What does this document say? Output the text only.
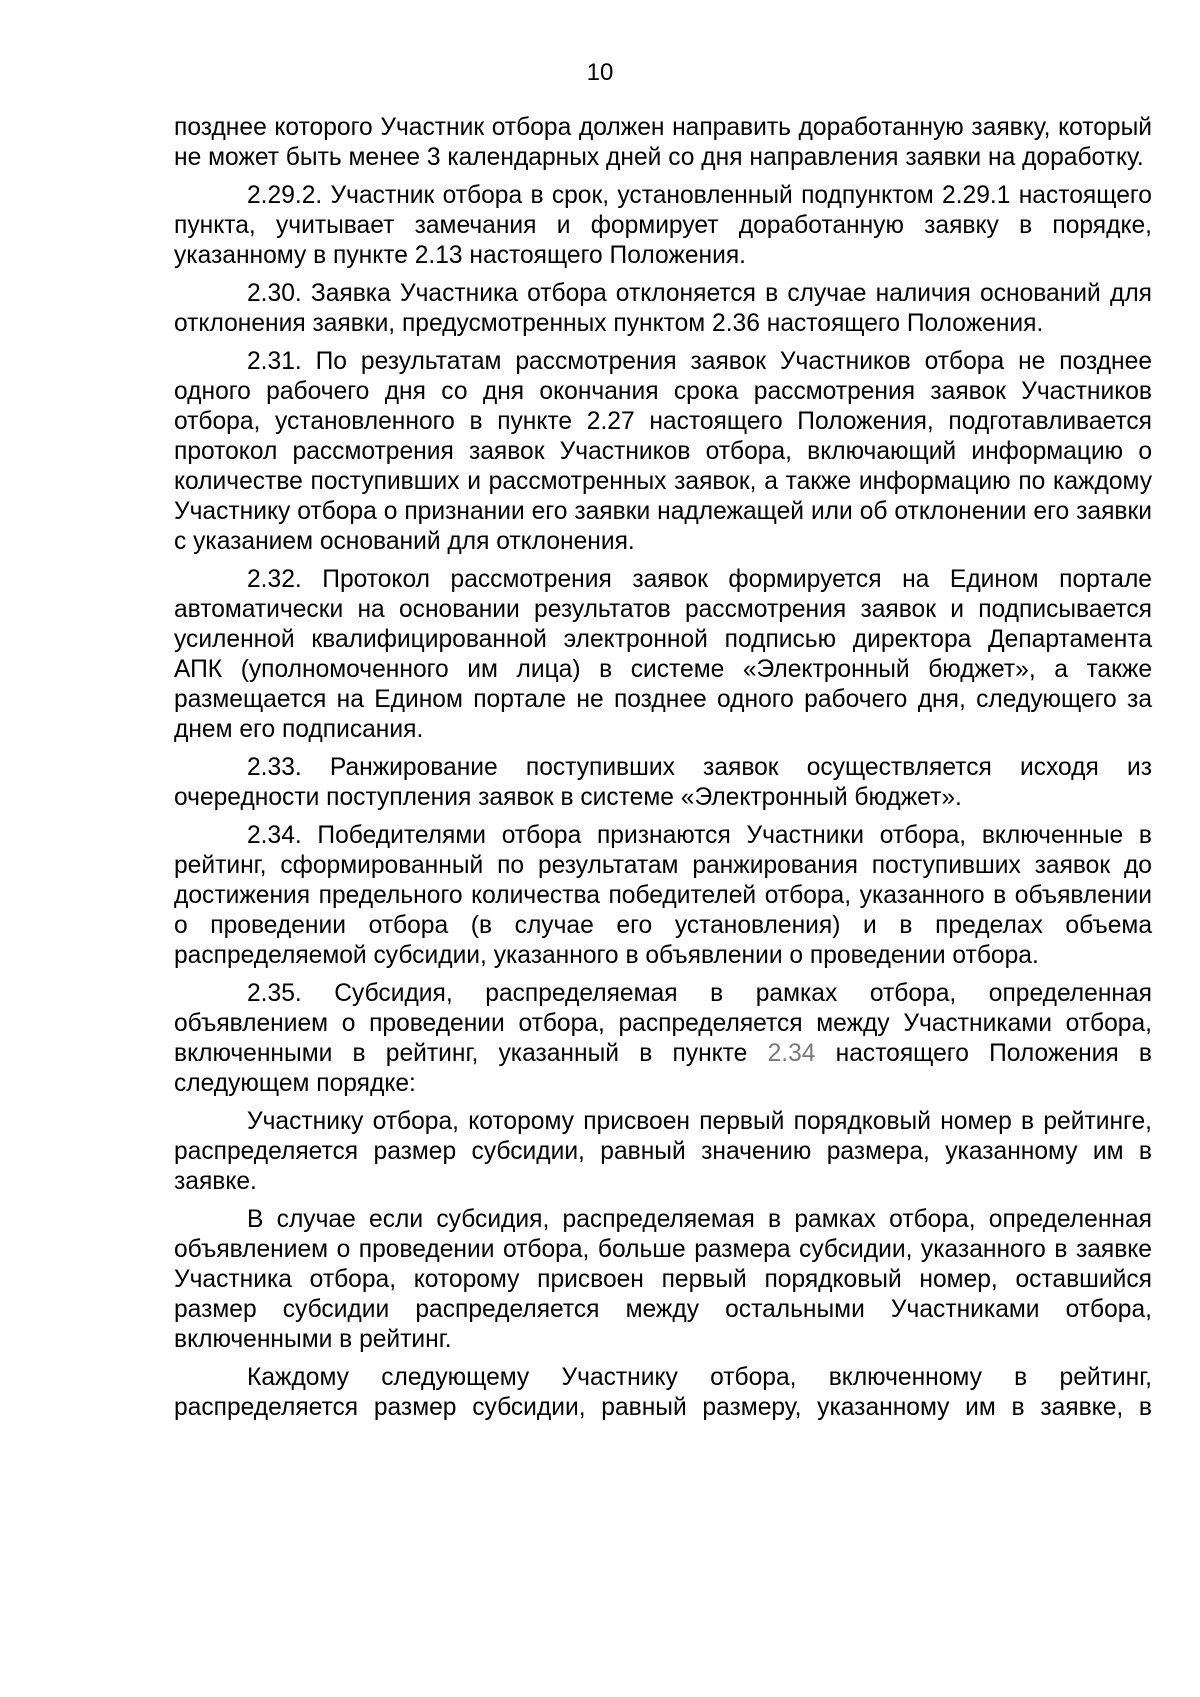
10

позднее которого Участник отбора должен направить доработанную заявку, который не может быть менее 3 календарных дней со дня направления заявки на доработку.

2.29.2. Участник отбора в срок, установленный подпунктом 2.29.1 настоящего пункта, учитывает замечания и формирует доработанную заявку в порядке, указанному в пункте 2.13 настоящего Положения.

2.30. Заявка Участника отбора отклоняется в случае наличия оснований для отклонения заявки, предусмотренных пунктом 2.36 настоящего Положения.

2.31. По результатам рассмотрения заявок Участников отбора не позднее одного рабочего дня со дня окончания срока рассмотрения заявок Участников отбора, установленного в пункте 2.27 настоящего Положения, подготавливается протокол рассмотрения заявок Участников отбора, включающий информацию о количестве поступивших и рассмотренных заявок, а также информацию по каждому Участнику отбора о признании его заявки надлежащей или об отклонении его заявки с указанием оснований для отклонения.

2.32. Протокол рассмотрения заявок формируется на Едином портале автоматически на основании результатов рассмотрения заявок и подписывается усиленной квалифицированной электронной подписью директора Департамента АПК (уполномоченного им лица) в системе «Электронный бюджет», а также размещается на Едином портале не позднее одного рабочего дня, следующего за днем его подписания.

2.33. Ранжирование поступивших заявок осуществляется исходя из очередности поступления заявок в системе «Электронный бюджет».

2.34. Победителями отбора признаются Участники отбора, включенные в рейтинг, сформированный по результатам ранжирования поступивших заявок до достижения предельного количества победителей отбора, указанного в объявлении о проведении отбора (в случае его установления) и в пределах объема распределяемой субсидии, указанного в объявлении о проведении отбора.

2.35. Субсидия, распределяемая в рамках отбора, определенная объявлением о проведении отбора, распределяется между Участниками отбора, включенными в рейтинг, указанный в пункте 2.34 настоящего Положения в следующем порядке:

Участнику отбора, которому присвоен первый порядковый номер в рейтинге, распределяется размер субсидии, равный значению размера, указанному им в заявке.

В случае если субсидия, распределяемая в рамках отбора, определенная объявлением о проведении отбора, больше размера субсидии, указанного в заявке Участника отбора, которому присвоен первый порядковый номер, оставшийся размер субсидии распределяется между остальными Участниками отбора, включенными в рейтинг.

Каждому следующему Участнику отбора, включенному в рейтинг, распределяется размер субсидии, равный размеру, указанному им в заявке, в
